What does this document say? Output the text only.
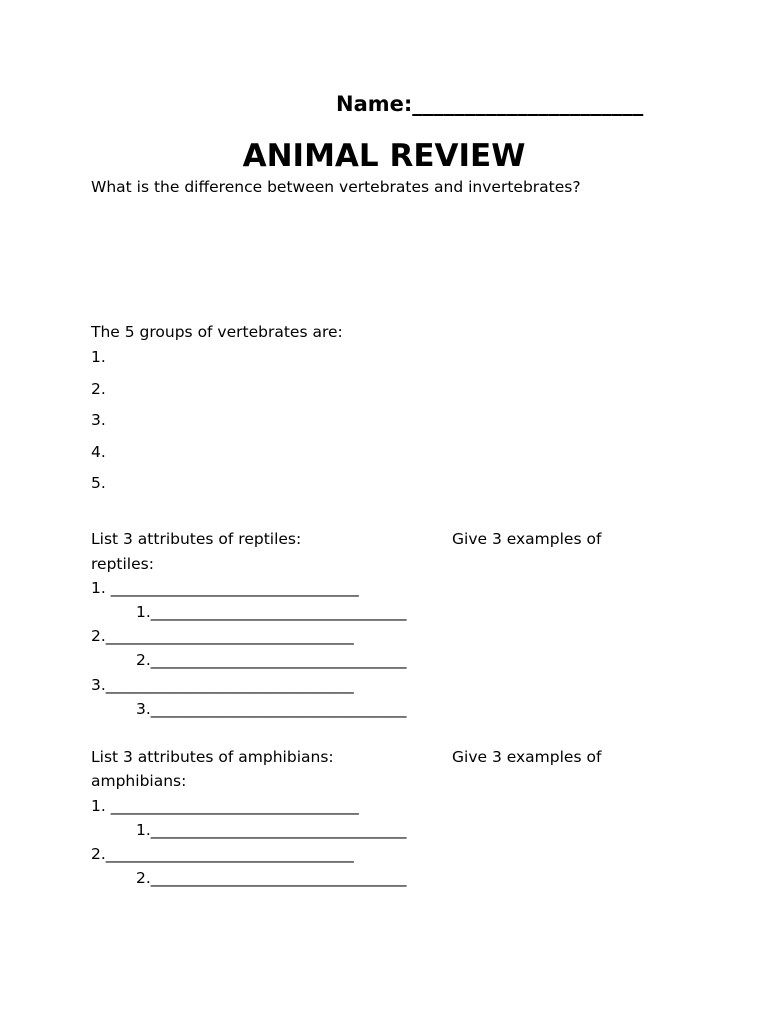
Name:______________________
ANIMAL REVIEW
What is the difference between vertebrates and invertebrates?
The 5 groups of vertebrates are:
1.
2.
3.
4.
5.
List 3 attributes of reptiles:	Give 3 examples of
reptiles:
1. ________________________________
1._________________________________
2.________________________________
2._________________________________
3.________________________________
3._________________________________
List 3 attributes of amphibians:	Give 3 examples of
amphibians:
1. ________________________________
1._________________________________
2.________________________________
2._________________________________
